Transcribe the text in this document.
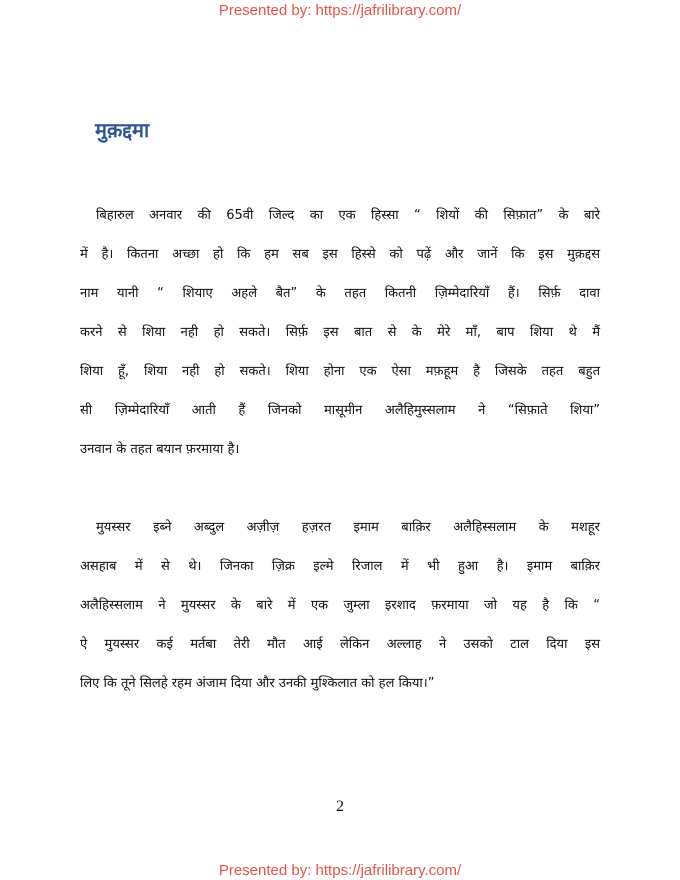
Presented by: https://jafrilibrary.com/
मुक़द्दमा
बिहारुल अनवार की 65वी जिल्द का एक हिस्सा “ शियों की सिफ़ात” के बारे
में है। कितना अच्छा हो कि हम सब इस हिस्से को पढ़ें और जानें कि इस मुक़द्दस
नाम यानी “ शियाए अहले बैत” के तहत कितनी ज़िम्मेदारियाँ हैं। सिर्फ़ दावा
करने से शिया नही हो सकते। सिर्फ़ इस बात से के मेरे माँ, बाप शिया थे मैं
शिया हूँ, शिया नही हो सकते। शिया होना एक ऐसा मफ़हूम है जिसके तहत बहुत
सी ज़िम्मेदारियाँ आती हैं जिनको मासूमीन अलैहिमुस्सलाम ने “सिफ़ाते शिया”
उनवान के तहत बयान फ़रमाया है।
मुयस्सर इब्ने अब्दुल अज़ीज़ हज़रत इमाम बाक़िर अलैहिस्सलाम के मशहूर
असहाब में से थे। जिनका ज़िक्र इल्मे रिजाल में भी हुआ है। इमाम बाक़िर
अलैहिस्सलाम ने मुयस्सर के बारे में एक जुम्ला इरशाद फ़रमाया जो यह है कि “
ऐ मुयस्सर कई मर्तबा तेरी मौत आई लेकिन अल्लाह ने उसको टाल दिया इस
लिए कि तूने सिलहे रहम अंजाम दिया और उनकी मुश्किलात को हल किया।”
2
Presented by: https://jafrilibrary.com/
